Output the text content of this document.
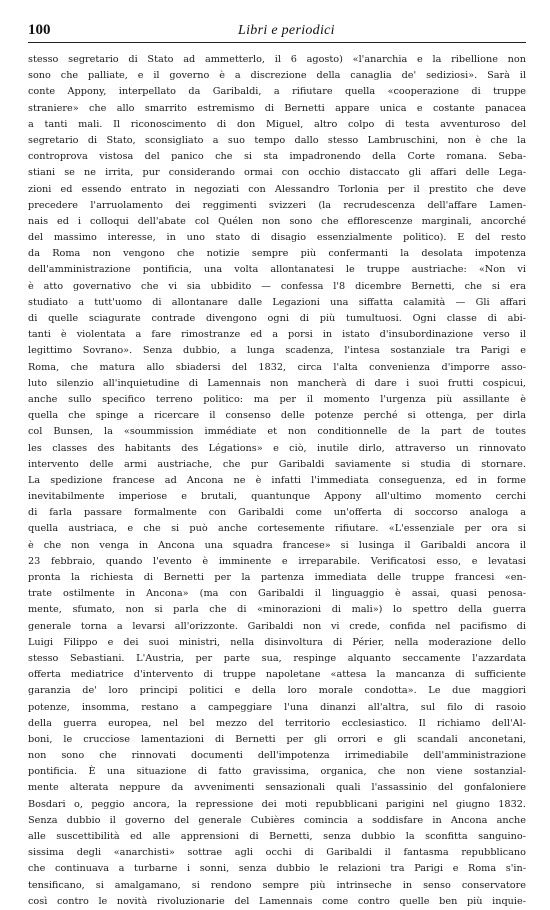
100	Libri e periodici
stesso segretario di Stato ad ammetterlo, il 6 agosto) «l'anarchia e la ribellione non
sono che palliate, e il governo è a discrezione della canaglia de' sediziosi». Sarà il
conte Appony, interpellato da Garibaldi, a rifiutare quella «cooperazione di truppe
straniere» che allo smarrito estremismo di Bernetti appare unica e costante panacea
a tanti mali. Il riconoscimento di don Miguel, altro colpo di testa avventuroso del
segretario di Stato, sconsigliato a suo tempo dallo stesso Lambruschini, non è che la
controprova vistosa del panico che si sta impadronendo della Corte romana. Seba-
stiani se ne irrita, pur considerando ormai con occhio distaccato gli affari delle Lega-
zioni ed essendo entrato in negoziati con Alessandro Torlonia per il prestito che deve
precedere l'arruolamento dei reggimenti svizzeri (la recrudescenza dell'affare Lamen-
nais ed i colloqui dell'abate col Quélen non sono che efflorescenze marginali, ancorché
del massimo interesse, in uno stato di disagio essenzialmente politico). E del resto
da Roma non vengono che notizie sempre più confermanti la desolata impotenza
dell'amministrazione pontificia, una volta allontanatesi le truppe austriache: «Non vi
è atto governativo che vi sia ubbidito — confessa l'8 dicembre Bernetti, che si era
studiato a tutt'uomo di allontanare dalle Legazioni una siffatta calamità — Gli affari
di quelle sciagurate contrade divengono ogni di più tumultuosi. Ogni classe di abi-
tanti è violentata a fare rimostranze ed a porsi in istato d'insubordinazione verso il
legittimo Sovrano». Senza dubbio, a lunga scadenza, l'intesa sostanziale tra Parigi e
Roma, che matura allo sbiadersi del 1832, circa l'alta convenienza d'imporre asso-
luto silenzio all'inquietudine di Lamennais non mancherà di dare i suoi frutti cospicui,
anche sullo specifico terreno politico: ma per il momento l'urgenza più assillante è
quella che spinge a ricercare il consenso delle potenze perché si ottenga, per dirla
col Bunsen, la «soummission immédiate et non conditionnelle de la part de toutes
les classes des habitants des Légations» e ciò, inutile dirlo, attraverso un rinnovato
intervento delle armi austriache, che pur Garibaldi saviamente si studia di stornare.
La spedizione francese ad Ancona ne è infatti l'immediata conseguenza, ed in forme
inevitabilmente imperiose e brutali, quantunque Appony all'ultimo momento cerchi
di farla passare formalmente con Garibaldi come un'offerta di soccorso analoga a
quella austriaca, e che si può anche cortesemente rifiutare. «L'essenziale per ora si
è che non venga in Ancona una squadra francese» si lusinga il Garibaldi ancora il
23 febbraio, quando l'evento è imminente e irreparabile. Verificatosi esso, e levatasi
pronta la richiesta di Bernetti per la partenza immediata delle truppe francesi «en-
trate ostilmente in Ancona» (ma con Garibaldi il linguaggio è assai, quasi penosa-
mente, sfumato, non si parla che di «minorazioni di mali») lo spettro della guerra
generale torna a levarsi all'orizzonte. Garibaldi non vi crede, confida nel pacifismo di
Luigi Filippo e dei suoi ministri, nella disinvoltura di Périer, nella moderazione dello
stesso Sebastiani. L'Austria, per parte sua, respinge alquanto seccamente l'azzardata
offerta mediatrice d'intervento di truppe napoletane «attesa la mancanza di sufficiente
garanzia de' loro principi politici e della loro morale condotta». Le due maggiori
potenze, insomma, restano a campeggiare l'una dinanzi all'altra, sul filo di rasoio
della guerra europea, nel bel mezzo del territorio ecclesiastico. Il richiamo dell'Al-
boni, le crucciose lamentazioni di Bernetti per gli orrori e gli scandali anconetani,
non sono che rinnovati documenti dell'impotenza irrimediabile dell'amministrazione
pontificia. È una situazione di fatto gravissima, organica, che non viene sostanzial-
mente alterata neppure da avvenimenti sensazionali quali l'assassinio del gonfaloniere
Bosdari o, peggio ancora, la repressione dei moti repubblicani parigini nel giugno 1832.
Senza dubbio il governo del generale Cubières comincia a soddisfare in Ancona anche
alle suscettibilità ed alle apprensioni di Bernetti, senza dubbio la sconfitta sanguino-
sissima degli «anarchisti» sottrae agli occhi di Garibaldi il fantasma repubblicano
che continuava a turbarne i sonni, senza dubbio le relazioni tra Parigi e Roma s'in-
tensificano, si amalgamano, si rendono sempre più intrinseche in senso conservatore
così contro le novità rivoluzionarie del Lamennais come contro quelle ben più inquie-
